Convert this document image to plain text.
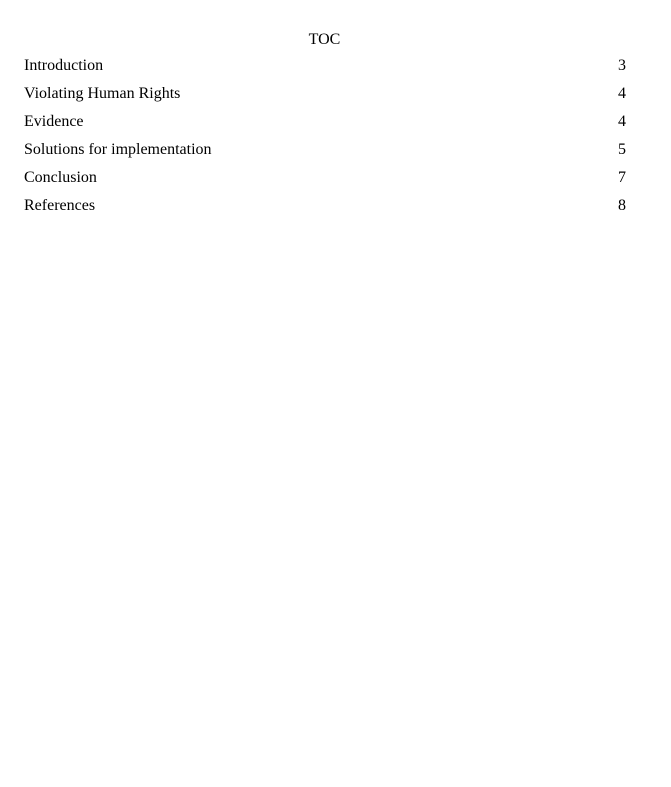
TOC
Introduction	3
Violating Human Rights	4
Evidence	4
Solutions for implementation	5
Conclusion	7
References	8
